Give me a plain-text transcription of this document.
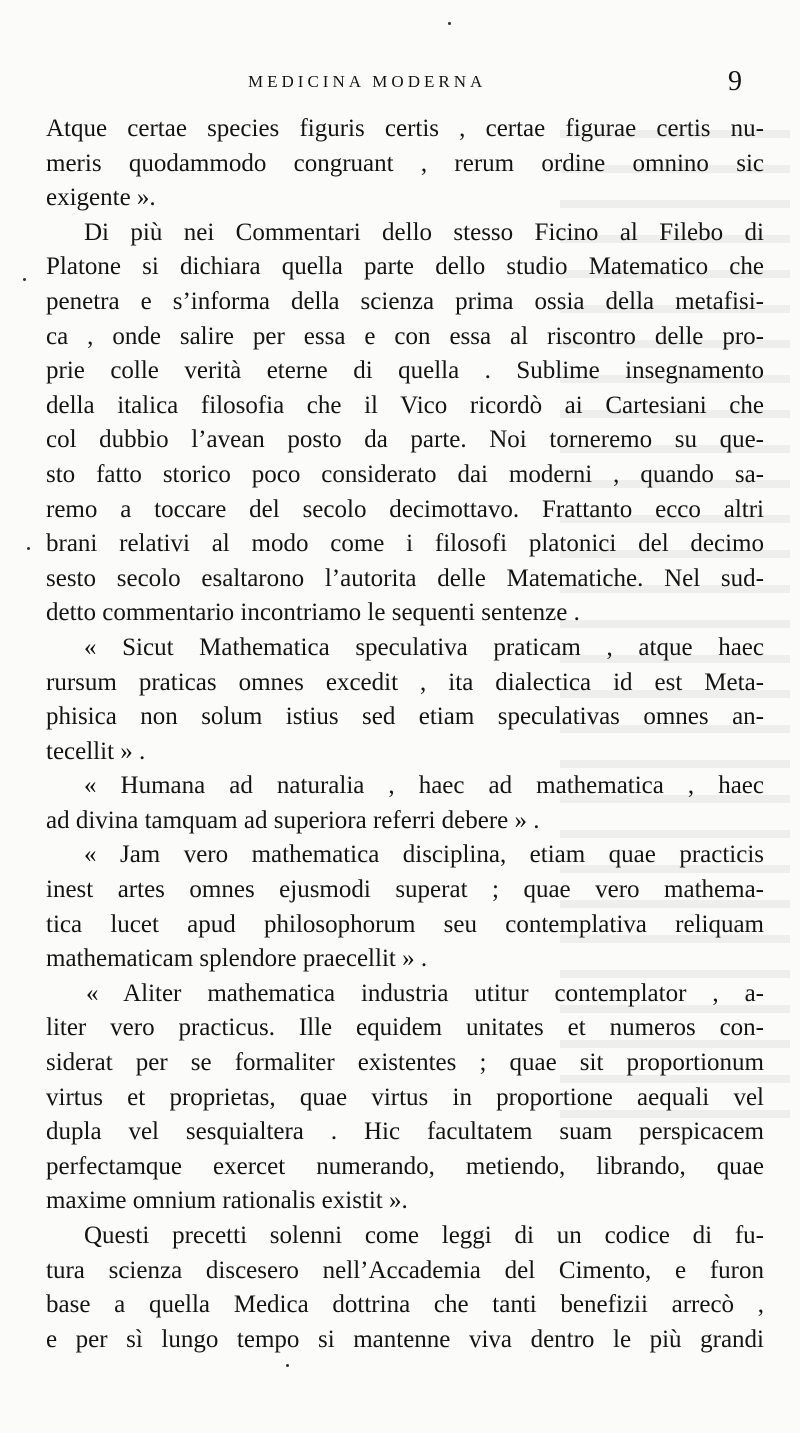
MEDICINA MODERNA	9
Atque certae species figuris certis , certae figurae certis nu-
meris quodammodo congruant , rerum ordine omnino sic
exigente ».
Di più nei Commentari dello stesso Ficino al Filebo di
Platone si dichiara quella parte dello studio Matematico che
penetra e s’informa della scienza prima ossia della metafisi-
ca , onde salire per essa e con essa al riscontro delle pro-
prie colle verità eterne di quella . Sublime insegnamento
della italica filosofia che il Vico ricordò ai Cartesiani che
col dubbio l’avean posto da parte. Noi torneremo su que-
sto fatto storico poco considerato dai moderni , quando sa-
remo a toccare del secolo decimottavo. Frattanto ecco altri
brani relativi al modo come i filosofi platonici del decimo
sesto secolo esaltarono l’autorita delle Matematiche. Nel sud-
detto commentario incontriamo le sequenti sentenze .
« Sicut Mathematica speculativa praticam , atque haec
rursum praticas omnes excedit , ita dialectica id est Meta-
phisica non solum istius sed etiam speculativas omnes an-
tecellit » .
« Humana ad naturalia , haec ad mathematica , haec
ad divina tamquam ad superiora referri debere » .
« Jam vero mathematica disciplina, etiam quae practicis
inest artes omnes ejusmodi superat ; quae vero mathema-
tica lucet apud philosophorum seu contemplativa reliquam
mathematicam splendore praecellit » .
« Aliter mathematica industria utitur contemplator , a-
liter vero practicus. Ille equidem unitates et numeros con-
siderat per se formaliter existentes ; quae sit proportionum
virtus et proprietas, quae virtus in proportione aequali vel
dupla vel sesquialtera . Hic facultatem suam perspicacem
perfectamque exercet numerando, metiendo, librando, quae
maxime omnium rationalis existit ».
Questi precetti solenni come leggi di un codice di fu-
tura scienza discesero nell’Accademia del Cimento, e furon
base a quella Medica dottrina che tanti benefizii arrecò ,
e per sì lungo tempo si mantenne viva dentro le più grandi
